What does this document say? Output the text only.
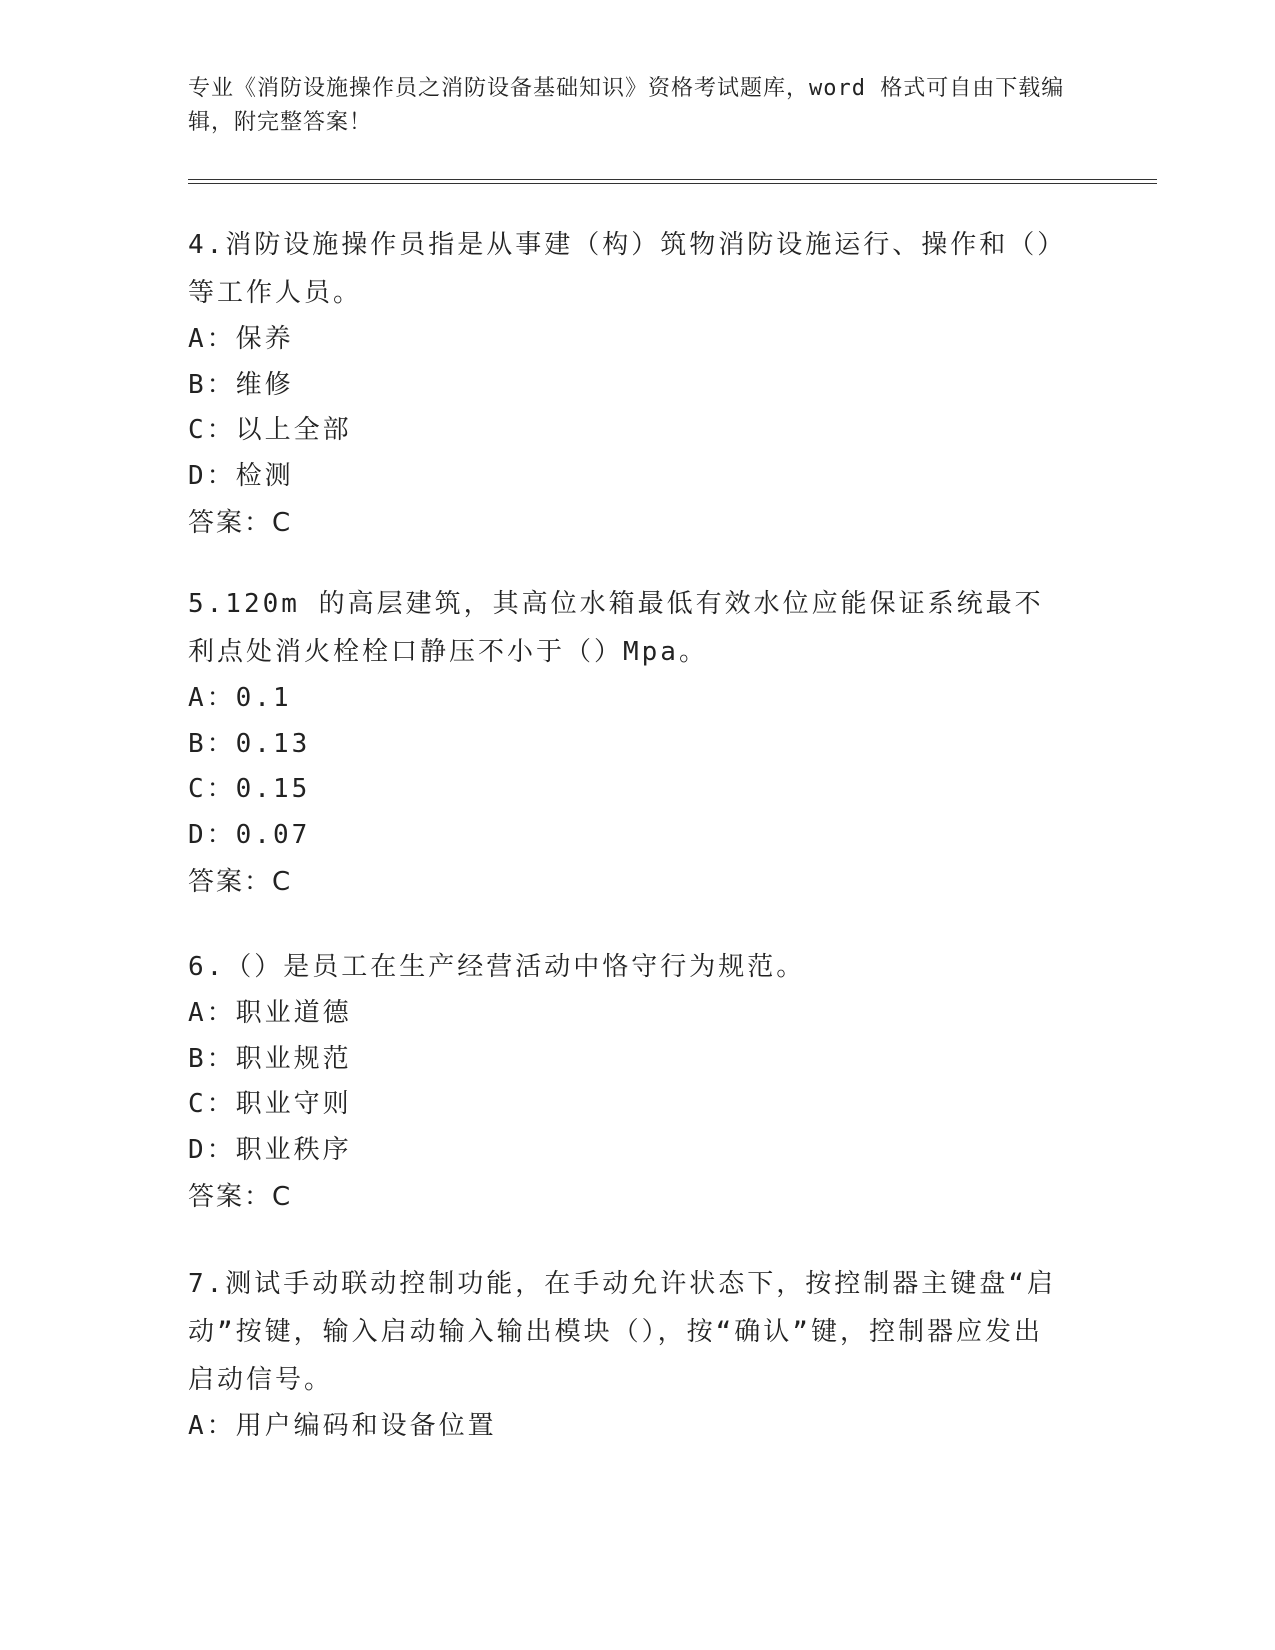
专业《消防设施操作员之消防设备基础知识》资格考试题库，word 格式可自由下载编辑，附完整答案！

4.消防设施操作员指是从事建（构）筑物消防设施运行、操作和（）等工作人员。

A：保养

B：维修

C：以上全部

D：检测

答案：C

5.120m 的高层建筑，其高位水箱最低有效水位应能保证系统最不利点处消火栓栓口静压不小于（）Mpa。

A：0.1

B：0.13

C：0.15

D：0.07

答案：C

6.（）是员工在生产经营活动中恪守行为规范。

A：职业道德

B：职业规范

C：职业守则

D：职业秩序

答案：C

7.测试手动联动控制功能，在手动允许状态下，按控制器主键盘“启动”按键，输入启动输入输出模块（），按“确认”键，控制器应发出启动信号。

A：用户编码和设备位置
